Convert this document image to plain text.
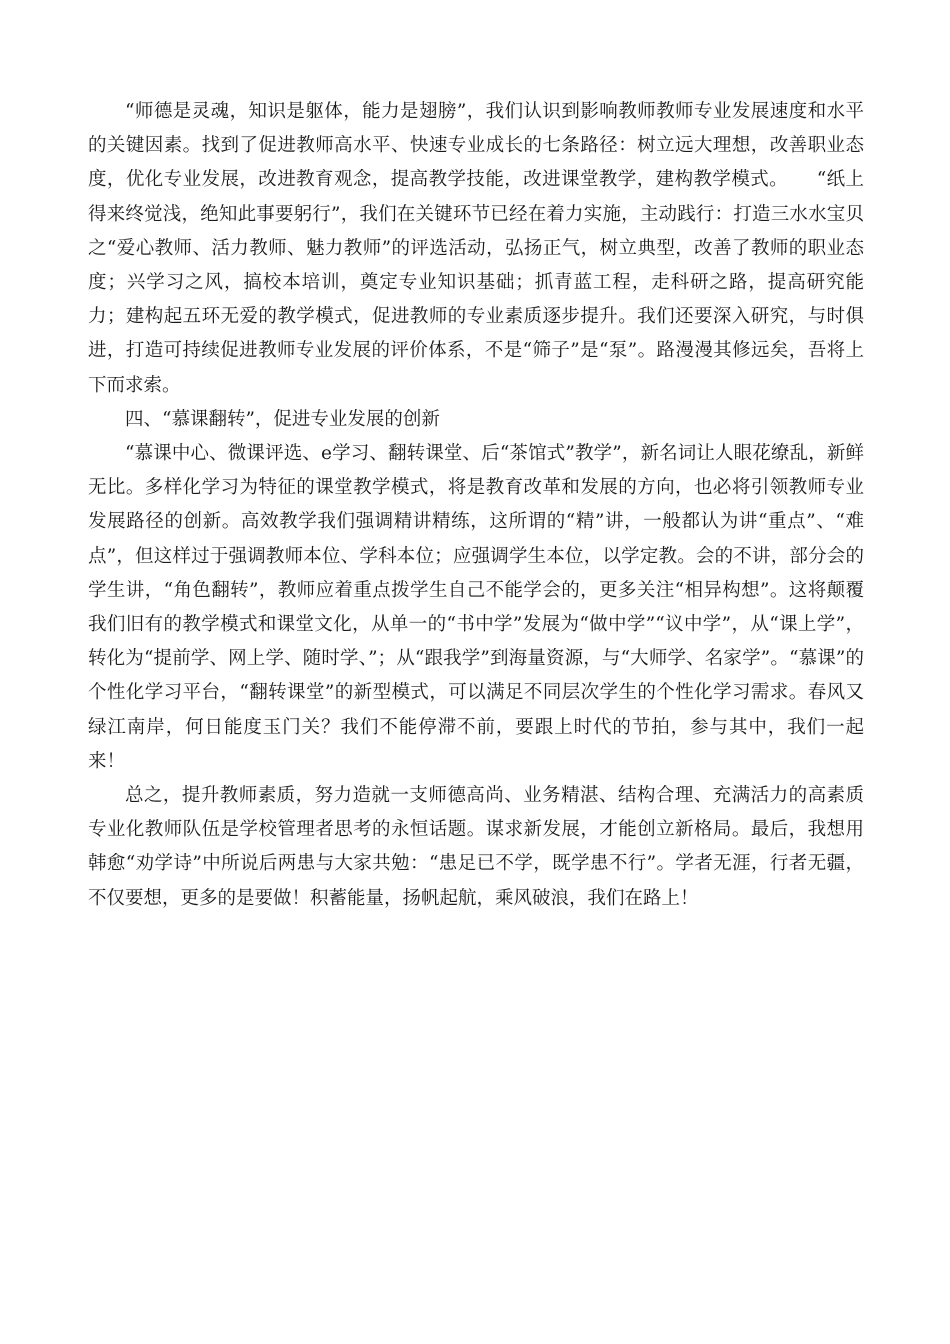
“师德是灵魂，知识是躯体，能力是翅膀”，我们认识到影响教师教师专业发展速度和水平的关键因素。找到了促进教师高水平、快速专业成长的七条路径：树立远大理想，改善职业态度，优化专业发展，改进教育观念，提高教学技能，改进课堂教学，建构教学模式。　　“纸上得来终觉浅，绝知此事要躬行”，我们在关键环节已经在着力实施，主动践行：打造三水水宝贝之“爱心教师、活力教师、魅力教师”的评选活动，弘扬正气，树立典型，改善了教师的职业态度；兴学习之风，搞校本培训，奠定专业知识基础；抓青蓝工程，走科研之路，提高研究能力；建构起五环无爱的教学模式，促进教师的专业素质逐步提升。我们还要深入研究，与时俱进，打造可持续促进教师专业发展的评价体系，不是“筛子”是“泵”。路漫漫其修远矣，吾将上下而求索。

四、“慕课翻转”，促进专业发展的创新

“慕课中心、微课评选、e学习、翻转课堂、后“茶馆式”教学”，新名词让人眼花缭乱，新鲜无比。多样化学习为特征的课堂教学模式，将是教育改革和发展的方向，也必将引领教师专业发展路径的创新。高效教学我们强调精讲精练，这所谓的“精”讲，一般都认为讲“重点”、“难点”，但这样过于强调教师本位、学科本位；应强调学生本位，以学定教。会的不讲，部分会的学生讲，“角色翻转”，教师应着重点拨学生自己不能学会的，更多关注“相异构想”。这将颠覆我们旧有的教学模式和课堂文化，从单一的“书中学”发展为“做中学”“议中学”，从“课上学”，转化为“提前学、网上学、随时学、”；从“跟我学”到海量资源，与“大师学、名家学”。“慕课”的个性化学习平台，“翻转课堂”的新型模式，可以满足不同层次学生的个性化学习需求。春风又绿江南岸，何日能度玉门关？我们不能停滞不前，要跟上时代的节拍，参与其中，我们一起来！

总之，提升教师素质，努力造就一支师德高尚、业务精湛、结构合理、充满活力的高素质专业化教师队伍是学校管理者思考的永恒话题。谋求新发展，才能创立新格局。最后，我想用韩愈“劝学诗”中所说后两患与大家共勉：“患足已不学，既学患不行”。学者无涯，行者无疆，不仅要想，更多的是要做！积蓄能量，扬帆起航，乘风破浪，我们在路上！
